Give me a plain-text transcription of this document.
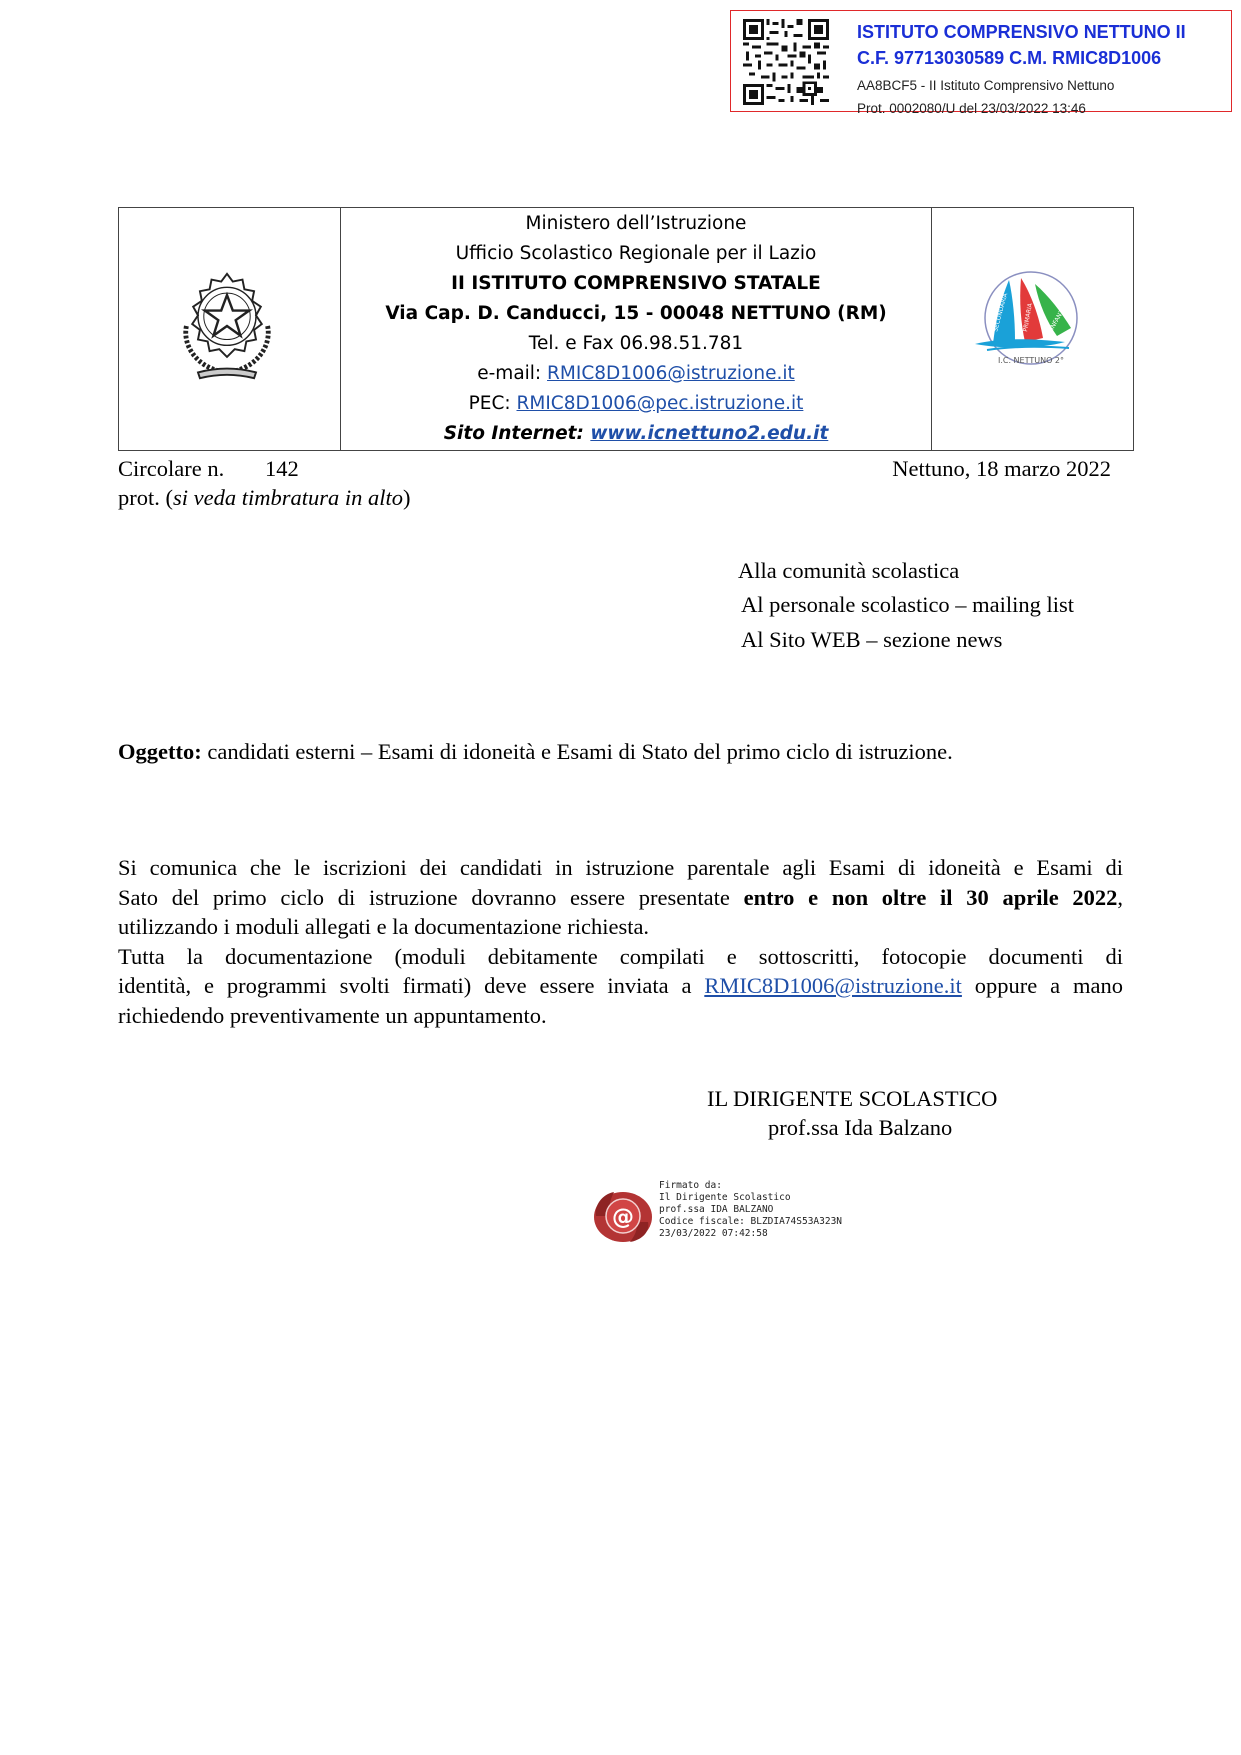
ISTITUTO COMPRENSIVO NETTUNO II
C.F. 97713030589 C.M. RMIC8D1006
AA8BCF5 - II Istituto Comprensivo Nettuno
Prot. 0002080/U del 23/03/2022 13:46
Ministero dell’Istruzione
Ufficio Scolastico Regionale per il Lazio
II ISTITUTO COMPRENSIVO STATALE
Via Cap. D. Canducci, 15 - 00048 NETTUNO (RM)
Tel. e Fax 06.98.51.781
e-mail: RMIC8D1006@istruzione.it
PEC: RMIC8D1006@pec.istruzione.it
Sito Internet: www.icnettuno2.edu.it
SECONDARIA PRIMARIA INFANZIA
I.C. NETTUNO 2°
Circolare n. 142	Nettuno, 18 marzo 2022
prot. (si veda timbratura in alto)
Alla comunità scolastica
Al personale scolastico – mailing list
Al Sito WEB – sezione news
Oggetto: candidati esterni – Esami di idoneità e Esami di Stato del primo ciclo di istruzione.
Si comunica che le iscrizioni dei candidati in istruzione parentale agli Esami di idoneità e Esami di
Sato del primo ciclo di istruzione dovranno essere presentate entro e non oltre il 30 aprile 2022,
utilizzando i moduli allegati e la documentazione richiesta.
Tutta la documentazione (moduli debitamente compilati e sottoscritti, fotocopie documenti di
identità, e programmi svolti firmati) deve essere inviata a RMIC8D1006@istruzione.it oppure a mano
richiedendo preventivamente un appuntamento.
IL DIRIGENTE SCOLASTICO
prof.ssa Ida Balzano
@
Firmato da:
Il Dirigente Scolastico
prof.ssa IDA BALZANO
Codice fiscale: BLZDIA74S53A323N
23/03/2022 07:42:58
